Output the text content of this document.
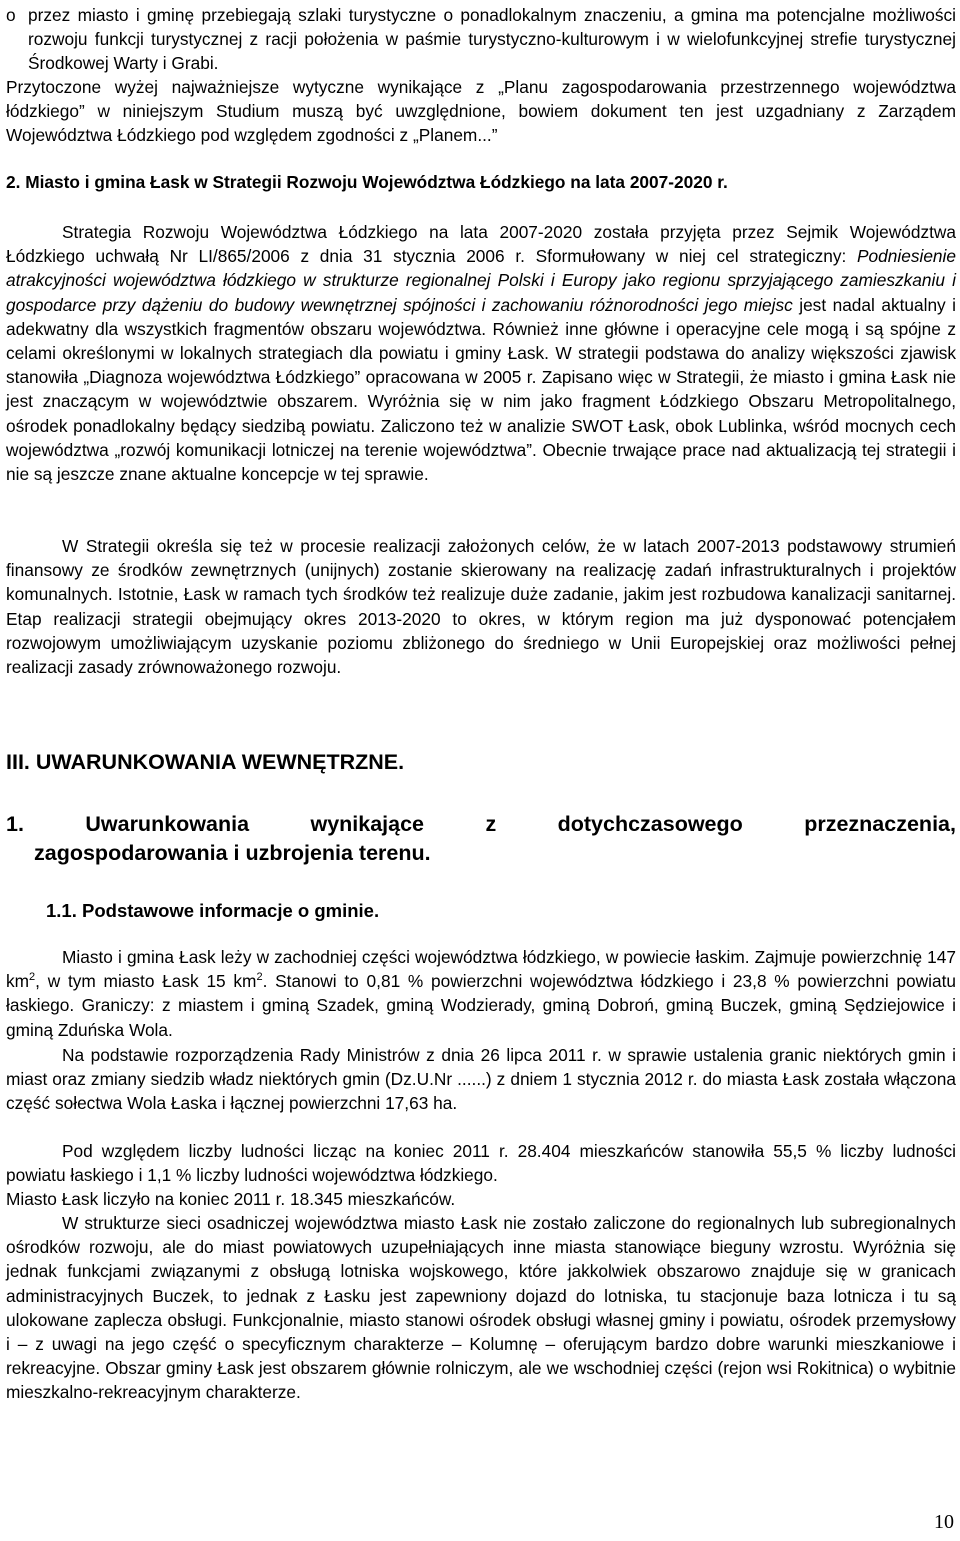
o przez miasto i gminę przebiegają szlaki turystyczne o ponadlokalnym znaczeniu, a gmina ma potencjalne możliwości rozwoju funkcji turystycznej z racji położenia w paśmie turystyczno-kulturowym i w wielofunkcyjnej strefie turystycznej Środkowej Warty i Grabi.

Przytoczone wyżej najważniejsze wytyczne wynikające z „Planu zagospodarowania przestrzennego województwa łódzkiego” w niniejszym Studium muszą być uwzględnione, bowiem dokument ten jest uzgadniany z Zarządem Województwa Łódzkiego pod względem zgodności z „Planem...”

2. Miasto i gmina Łask w Strategii Rozwoju Województwa Łódzkiego na lata 2007-2020 r.

Strategia Rozwoju Województwa Łódzkiego na lata 2007-2020 została przyjęta przez Sejmik Województwa Łódzkiego uchwałą Nr LI/865/2006 z dnia 31 stycznia 2006 r. Sformułowany w niej cel strategiczny: Podniesienie atrakcyjności województwa łódzkiego w strukturze regionalnej Polski i Europy jako regionu sprzyjającego zamieszkaniu i gospodarce przy dążeniu do budowy wewnętrznej spójności i zachowaniu różnorodności jego miejsc jest nadal aktualny i adekwatny dla wszystkich fragmentów obszaru województwa. Również inne główne i operacyjne cele mogą i są spójne z celami określonymi w lokalnych strategiach dla powiatu i gminy Łask. W strategii podstawa do analizy większości zjawisk stanowiła „Diagnoza województwa Łódzkiego” opracowana w 2005 r. Zapisano więc w Strategii, że miasto i gmina Łask nie jest znaczącym w województwie obszarem. Wyróżnia się w nim jako fragment Łódzkiego Obszaru Metropolitalnego, ośrodek ponadlokalny będący siedzibą powiatu. Zaliczono też w analizie SWOT Łask, obok Lublinka, wśród mocnych cech województwa „rozwój komunikacji lotniczej na terenie województwa”. Obecnie trwające prace nad aktualizacją tej strategii i nie są jeszcze znane aktualne koncepcje w tej sprawie.

W Strategii określa się też w procesie realizacji założonych celów, że w latach 2007-2013 podstawowy strumień finansowy ze środków zewnętrznych (unijnych) zostanie skierowany na realizację zadań infrastrukturalnych i projektów komunalnych. Istotnie, Łask w ramach tych środków też realizuje duże zadanie, jakim jest rozbudowa kanalizacji sanitarnej. Etap realizacji strategii obejmujący okres 2013-2020 to okres, w którym region ma już dysponować potencjałem rozwojowym umożliwiającym uzyskanie poziomu zbliżonego do średniego w Unii Europejskiej oraz możliwości pełnej realizacji zasady zrównoważonego rozwoju.

III. UWARUNKOWANIA WEWNĘTRZNE.

1.	Uwarunkowania	wynikające	z	dotychczasowego	przeznaczenia,
zagospodarowania i uzbrojenia terenu.

1.1. Podstawowe informacje o gminie.

Miasto i gmina Łask leży w zachodniej części województwa łódzkiego, w powiecie łaskim. Zajmuje powierzchnię 147 $km^2$, w tym miasto Łask 15 $km^2$. Stanowi to 0,81 % powierzchni województwa łódzkiego i 23,8 % powierzchni powiatu łaskiego. Graniczy: z miastem i gminą Szadek, gminą Wodzierady, gminą Dobroń, gminą Buczek, gminą Sędziejowice i gminą Zduńska Wola.

Na podstawie rozporządzenia Rady Ministrów z dnia 26 lipca 2011 r. w sprawie ustalenia granic niektórych gmin i miast oraz zmiany siedzib władz niektórych gmin (Dz.U.Nr ......) z dniem 1 stycznia 2012 r. do miasta Łask została włączona część sołectwa Wola Łaska i łącznej powierzchni 17,63 ha.

Pod względem liczby ludności licząc na koniec 2011 r. 28.404 mieszkańców stanowiła 55,5 % liczby ludności powiatu łaskiego i 1,1 % liczby ludności województwa łódzkiego.

Miasto Łask liczyło na koniec 2011 r. 18.345 mieszkańców.

W strukturze sieci osadniczej województwa miasto Łask nie zostało zaliczone do regionalnych lub subregionalnych ośrodków rozwoju, ale do miast powiatowych uzupełniających inne miasta stanowiące bieguny wzrostu. Wyróżnia się jednak funkcjami związanymi z obsługą lotniska wojskowego, które jakkolwiek obszarowo znajduje się w granicach administracyjnych Buczek, to jednak z Łasku jest zapewniony dojazd do lotniska, tu stacjonuje baza lotnicza i tu są ulokowane zaplecza obsługi. Funkcjonalnie, miasto stanowi ośrodek obsługi własnej gminy i powiatu, ośrodek przemysłowy i – z uwagi na jego część o specyficznym charakterze – Kolumnę – oferującym bardzo dobre warunki mieszkaniowe i rekreacyjne. Obszar gminy Łask jest obszarem głównie rolniczym, ale we wschodniej części (rejon wsi Rokitnica) o wybitnie mieszkalno-rekreacyjnym charakterze.

10
